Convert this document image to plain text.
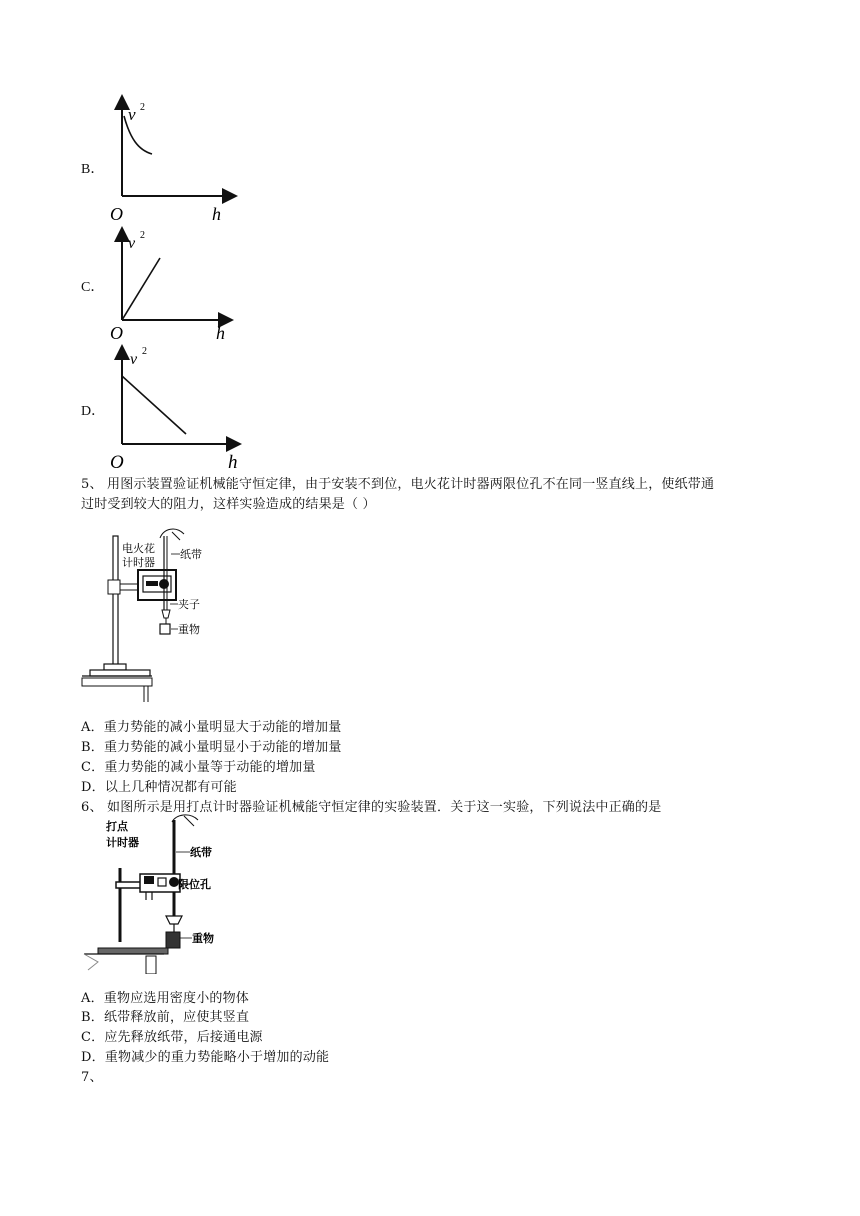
B．
v 2
h
O
C．
v 2
h
O
D．
v 2
h
O
5、 用图示装置验证机械能守恒定律，由于安装不到位，电火花计时器两限位孔不在同一竖直线上，使纸带通
过时受到较大的阻力，这样实验造成的结果是（ ）
电火花
计时器
纸带
夹子
重物
A．重力势能的减小量明显大于动能的增加量
B．重力势能的减小量明显小于动能的增加量
C．重力势能的减小量等于动能的增加量
D．以上几种情况都有可能
6、 如图所示是用打点计时器验证机械能守恒定律的实验装置．关于这一实验，下列说法中正确的是
打点
计时器
纸带
限位孔
重物
A．重物应选用密度小的物体
B．纸带释放前，应使其竖直
C．应先释放纸带，后接通电源
D．重物减少的重力势能略小于增加的动能
7、
